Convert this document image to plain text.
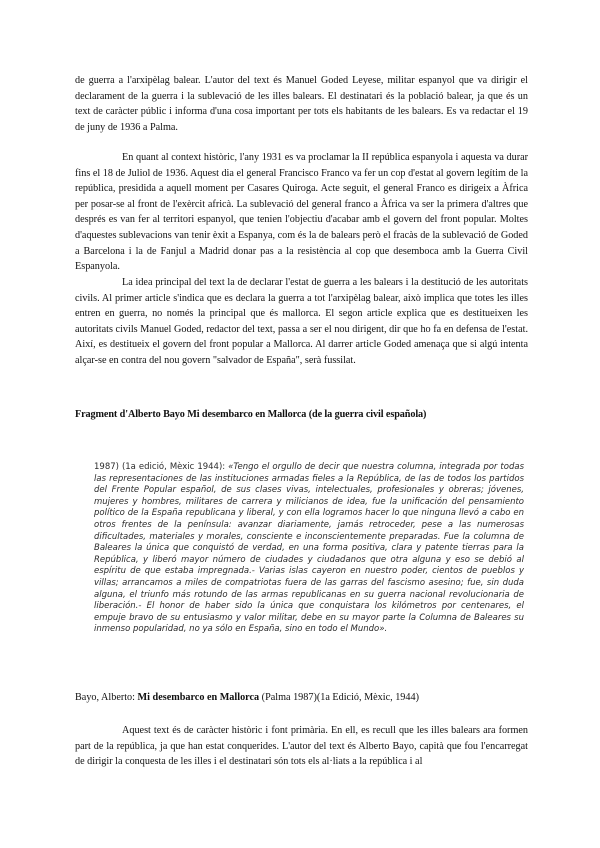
de guerra a l'arxipèlag balear. L'autor del text és Manuel Goded Leyese, militar espanyol que va dirigir el declarament de la guerra i la sublevació de les illes balears. El destinatari és la població balear, ja que és un text de caràcter públic i informa d'una cosa important per tots els habitants de les balears. Es va redactar el 19 de juny de 1936 a Palma.

En quant al context històric, l'any 1931 es va proclamar la II república espanyola i aquesta va durar fins el 18 de Juliol de 1936. Aquest dia el general Francisco Franco va fer un cop d'estat al govern legítim de la república, presidida a aquell moment per Casares Quiroga. Acte seguit, el general Franco es dirigeix a Àfrica per posar-se al front de l'exèrcit africà. La sublevació del general franco a Àfrica va ser la primera d'altres que després es van fer al territori espanyol, que tenien l'objectiu d'acabar amb el govern del front popular. Moltes d'aquestes sublevacions van tenir èxit a Espanya, com és la de balears però el fracàs de la sublevació de Goded a Barcelona i la de Fanjul a Madrid donar pas a la resistència al cop que desemboca amb la Guerra Civil Espanyola.

La idea principal del text la de declarar l'estat de guerra a les balears i la destitució de les autoritats civils. Al primer article s'indica que es declara la guerra a tot l'arxipèlag balear, això implica que totes les illes entren en guerra, no només la principal que és mallorca. El segon article explica que es destitueixen les autoritats civils Manuel Goded, redactor del text, passa a ser el nou dirigent, dir que ho fa en defensa de l'estat. Així, es destitueix el govern del front popular a Mallorca. Al darrer article Goded amenaça que si algú intenta alçar-se en contra del nou govern "salvador de España", serà fussilat.

Fragment d'Alberto Bayo Mi desembarco en Mallorca (de la guerra civil española)

1987) (1a edició, Mèxic 1944): «Tengo el orgullo de decir que nuestra columna, integrada por todas las representaciones de las instituciones armadas fieles a la República, de las de todos los partidos del Frente Popular español, de sus clases vivas, intelectuales, profesionales y obreras; jóvenes, mujeres y hombres, militares de carrera y milicianos de idea, fue la unificación del pensamiento político de la España republicana y liberal, y con ella logramos hacer lo que ninguna llevó a cabo en otros frentes de la península: avanzar diariamente, jamás retroceder, pese a las numerosas dificultades, materiales y morales, consciente e inconscientemente preparadas. Fue la columna de Baleares la única que conquistó de verdad, en una forma positiva, clara y patente tierras para la República, y liberó mayor número de ciudades y ciudadanos que otra alguna y eso se debió al espíritu de que estaba impregnada.- Varias islas cayeron en nuestro poder, cientos de pueblos y villas; arrancamos a miles de compatriotas fuera de las garras del fascismo asesino; fue, sin duda alguna, el triunfo más rotundo de las armas republicanas en su guerra nacional revolucionaria de liberación.- El honor de haber sido la única que conquistara los kilómetros por centenares, el empuje bravo de su entusiasmo y valor militar, debe en su mayor parte la Columna de Baleares su inmenso popularidad, no ya sólo en España, sino en todo el Mundo».

Bayo, Alberto: Mi desembarco en Mallorca (Palma 1987)(1a Edició, Mèxic, 1944)

Aquest text és de caràcter històric i font primària. En ell, es recull que les illes balears ara formen part de la república, ja que han estat conquerides. L'autor del text és Alberto Bayo, capità que fou l'encarregat de dirigir la conquesta de les illes i el destinatari són tots els al·liats a la república i al
